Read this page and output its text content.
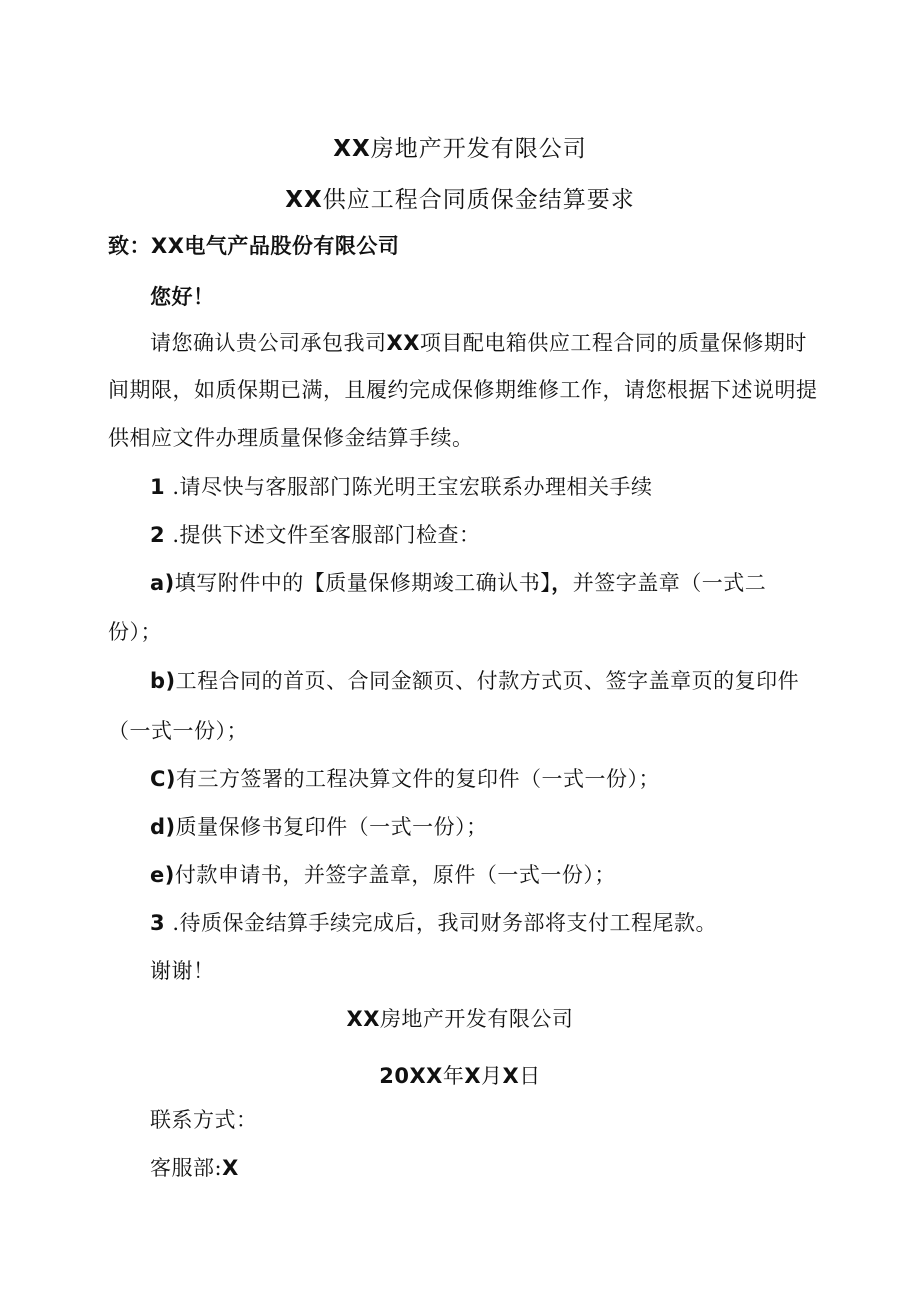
XX房地产开发有限公司
XX供应工程合同质保金结算要求
致：XX电气产品股份有限公司
您好！
请您确认贵公司承包我司XX项目配电箱供应工程合同的质量保修期时
间期限，如质保期已满，且履约完成保修期维修工作，请您根据下述说明提
供相应文件办理质量保修金结算手续。
1 .请尽快与客服部门陈光明王宝宏联系办理相关手续
2 .提供下述文件至客服部门检查：
a)填写附件中的【质量保修期竣工确认书】，并签字盖章（一式二
份）；
b)工程合同的首页、合同金额页、付款方式页、签字盖章页的复印件
（一式一份）；
C)有三方签署的工程决算文件的复印件（一式一份）；
d)质量保修书复印件（一式一份）；
e)付款申请书，并签字盖章，原件（一式一份）；
3 .待质保金结算手续完成后，我司财务部将支付工程尾款。
谢谢！
XX房地产开发有限公司
20XX年X月X日
联系方式：
客服部:X
